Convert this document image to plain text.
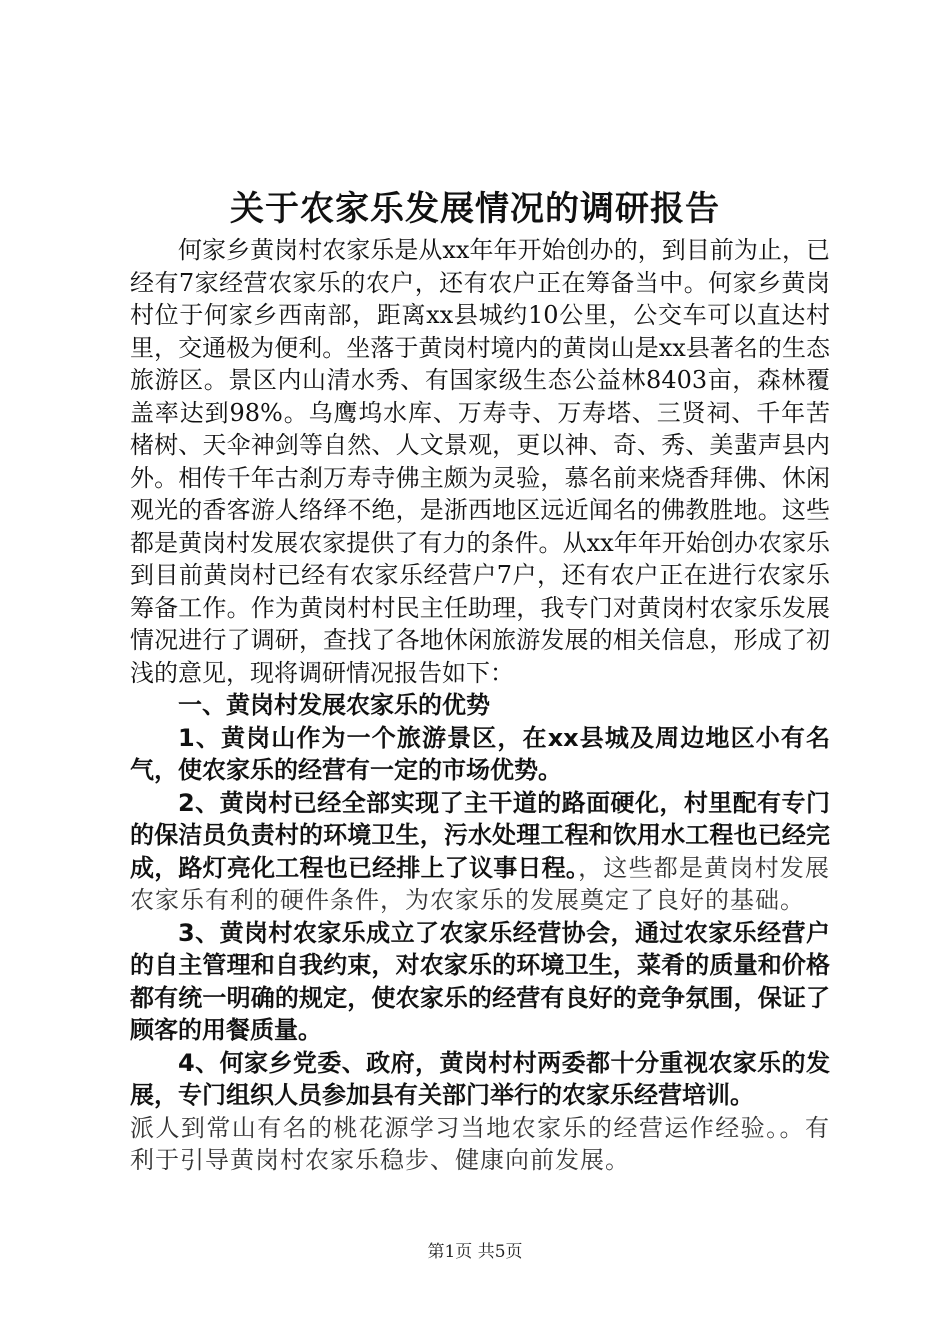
关于农家乐发展情况的调研报告

何家乡黄岗村农家乐是从xx年年开始创办的，到目前为止，已经有7家经营农家乐的农户，还有农户正在筹备当中。何家乡黄岗村位于何家乡西南部，距离xx县城约10公里，公交车可以直达村里，交通极为便利。坐落于黄岗村境内的黄岗山是xx县著名的生态旅游区。景区内山清水秀、有国家级生态公益林8403亩，森林覆盖率达到98%。乌鹰坞水库、万寿寺、万寿塔、三贤祠、千年苦楮树、天伞神剑等自然、人文景观，更以神、奇、秀、美蜚声县内外。相传千年古刹万寿寺佛主颇为灵验，慕名前来烧香拜佛、休闲观光的香客游人络绎不绝，是浙西地区远近闻名的佛教胜地。这些都是黄岗村发展农家提供了有力的条件。从xx年年开始创办农家乐到目前黄岗村已经有农家乐经营户7户，还有农户正在进行农家乐筹备工作。作为黄岗村村民主任助理，我专门对黄岗村农家乐发展情况进行了调研，查找了各地休闲旅游发展的相关信息，形成了初浅的意见，现将调研情况报告如下：

一、黄岗村发展农家乐的优势

1、黄岗山作为一个旅游景区，在xx县城及周边地区小有名气，使农家乐的经营有一定的市场优势。

2、黄岗村已经全部实现了主干道的路面硬化，村里配有专门的保洁员负责村的环境卫生，污水处理工程和饮用水工程也已经完成，路灯亮化工程也已经排上了议事日程。，这些都是黄岗村发展农家乐有利的硬件条件，为农家乐的发展奠定了良好的基础。

3、黄岗村农家乐成立了农家乐经营协会，通过农家乐经营户的自主管理和自我约束，对农家乐的环境卫生，菜肴的质量和价格都有统一明确的规定，使农家乐的经营有良好的竞争氛围，保证了顾客的用餐质量。

4、何家乡党委、政府，黄岗村村两委都十分重视农家乐的发展，专门组织人员参加县有关部门举行的农家乐经营培训。

派人到常山有名的桃花源学习当地农家乐的经营运作经验。。有利于引导黄岗村农家乐稳步、健康向前发展。

第1页 共5页
